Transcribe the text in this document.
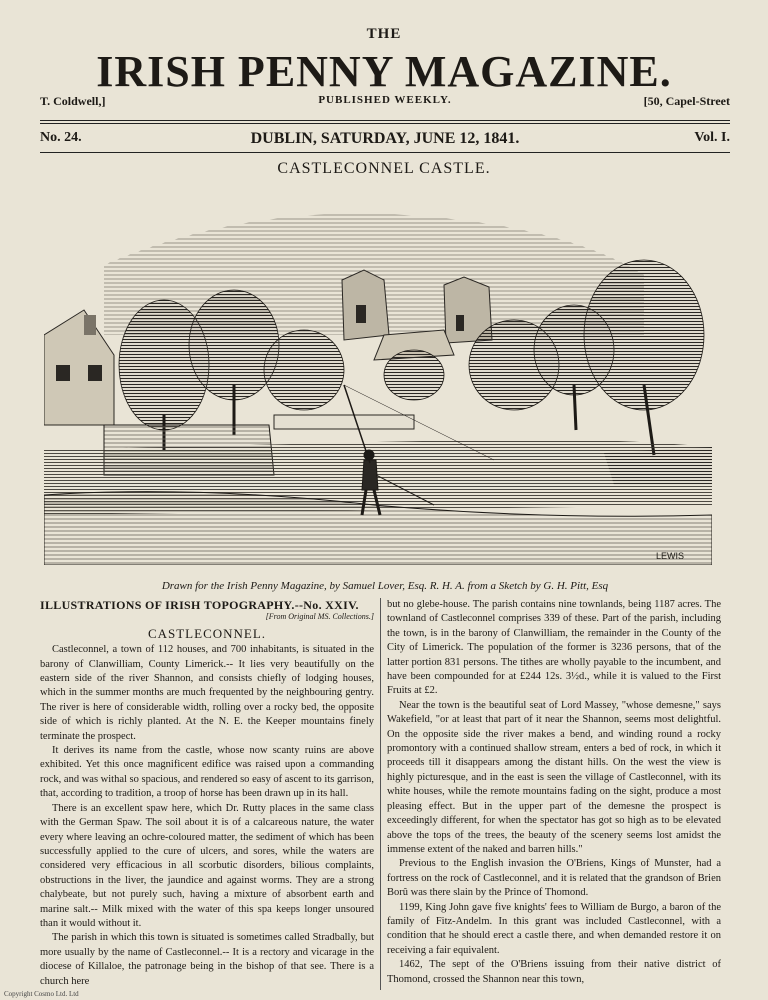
THE
IRISH PENNY MAGAZINE.
T. Coldwell,]	PUBLISHED WEEKLY.	[50, Capel-Street
No. 24.	DUBLIN, SATURDAY, JUNE 12, 1841.	Vol. I.
CASTLECONNEL CASTLE.
LEWIS
Drawn for the Irish Penny Magazine, by Samuel Lover, Esq. R. H. A. from a Sketch by G. H. Pitt, Esq
ILLUSTRATIONS OF IRISH TOPOGRAPHY.--No. XXIV.
[From Original MS. Collections.]
CASTLECONNEL.

Castleconnel, a town of 112 houses, and 700 inhabitants, is situated in the barony of Clanwilliam, County Limerick.-- It lies very beautifully on the eastern side of the river Shannon, and consists chiefly of lodging houses, which in the summer months are much frequented by the neighbouring gentry. The river is here of considerable width, rolling over a rocky bed, the opposite side of which is richly planted. At the N. E. the Keeper mountains finely terminate the prospect.

It derives its name from the castle, whose now scanty ruins are above exhibited. Yet this once magnificent edifice was raised upon a commanding rock, and was withal so spacious, and rendered so easy of ascent to its garrison, that, according to tradition, a troop of horse has been drawn up in its hall.

There is an excellent spaw here, which Dr. Rutty places in the same class with the German Spaw. The soil about it is of a calcareous nature, the water every where leaving an ochre-coloured matter, the sediment of which has been successfully applied to the cure of ulcers, and sores, while the waters are considered very efficacious in all scorbutic disorders, bilious complaints, obstructions in the liver, the jaundice and against worms. They are a strong chalybeate, but not purely such, having a mixture of absorbent earth and marine salt.-- Milk mixed with the water of this spa keeps longer unsoured than it would without it.

The parish in which this town is situated is sometimes called Stradbally, but more usually by the name of Castleconnel.-- It is a rectory and vicarage in the diocese of Killaloe, the patronage being in the bishop of that see. There is a church here

but no glebe-house. The parish contains nine townlands, being 1187 acres. The townland of Castleconnel comprises 339 of these. Part of the parish, including the town, is in the barony of Clanwilliam, the remainder in the County of the City of Limerick. The population of the former is 3236 persons, that of the latter portion 831 persons. The tithes are wholly payable to the incumbent, and have been compounded for at £244 12s. 3½d., while it is valued to the First Fruits at £2.

Near the town is the beautiful seat of Lord Massey, "whose demesne," says Wakefield, "or at least that part of it near the Shannon, seems most delightful. On the opposite side the river makes a bend, and winding round a rocky promontory with a continued shallow stream, enters a bed of rock, in which it proceeds till it disappears among the distant hills. On the west the view is highly picturesque, and in the east is seen the village of Castleconnel, with its white houses, while the remote mountains fading on the sight, produce a most pleasing effect. But in the upper part of the demesne the prospect is exceedingly different, for when the spectator has got so high as to be elevated above the tops of the trees, the beauty of the scenery seems lost amidst the immense extent of the naked and barren hills."

Previous to the English invasion the O'Briens, Kings of Munster, had a fortress on the rock of Castleconnel, and it is related that the grandson of Brien Borû was there slain by the Prince of Thomond.

1199, King John gave five knights' fees to William de Burgo, a baron of the family of Fitz-Andelm. In this grant was included Castleconnel, with a condition that he should erect a castle there, and when demanded restore it on receiving a fair equivalent.

1462, The sept of the O'Briens issuing from their native district of Thomond, crossed the Shannon near this town,

Copyright Cosmo Ltd. Ltd
